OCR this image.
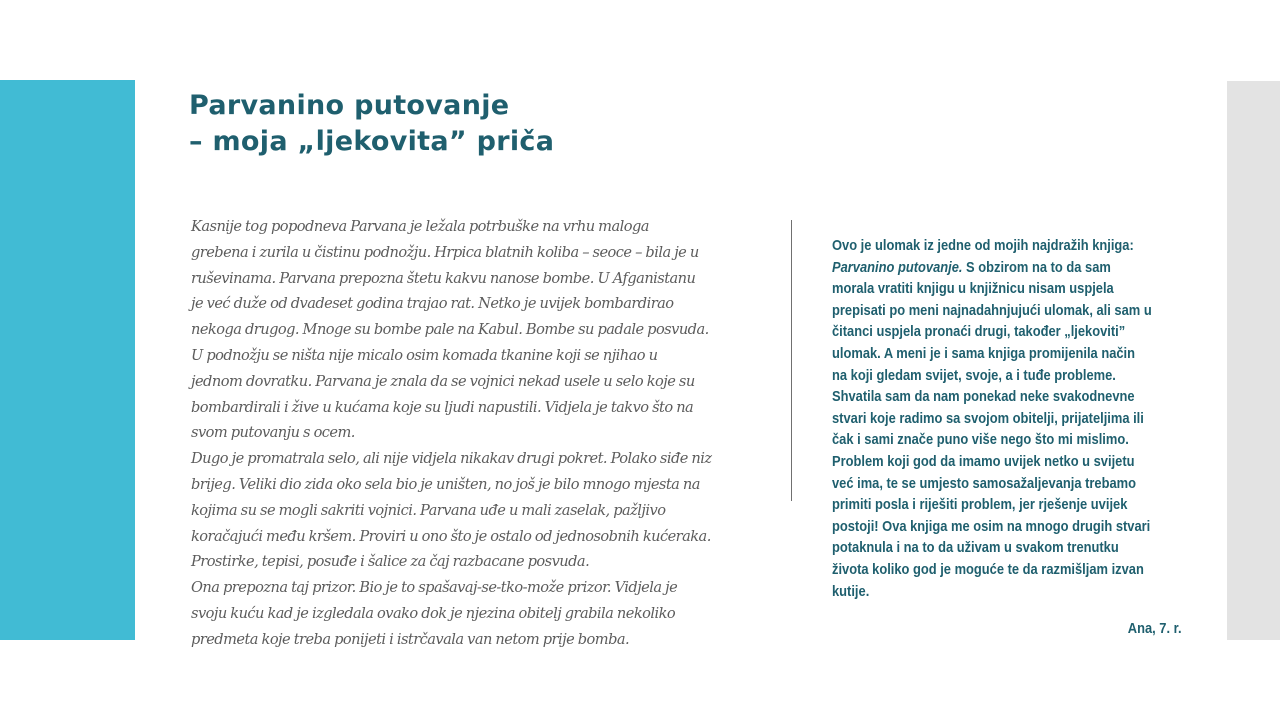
Parvanino putovanje
– moja „ljekovita” priča
Kasnije tog popodneva Parvana je ležala potrbuške na vrhu maloga
grebena i zurila u čistinu podnožju. Hrpica blatnih koliba – seoce – bila je u
ruševinama. Parvana prepozna štetu kakvu nanose bombe. U Afganistanu
je već duže od dvadeset godina trajao rat. Netko je uvijek bombardirao
nekoga drugog. Mnoge su bombe pale na Kabul. Bombe su padale posvuda.
U podnožju se ništa nije micalo osim komada tkanine koji se njihao u
jednom dovratku. Parvana je znala da se vojnici nekad usele u selo koje su
bombardirali i žive u kućama koje su ljudi napustili. Vidjela je takvo što na
svom putovanju s ocem.
Dugo je promatrala selo, ali nije vidjela nikakav drugi pokret. Polako siđe niz
brijeg. Veliki dio zida oko sela bio je uništen, no još je bilo mnogo mjesta na
kojima su se mogli sakriti vojnici. Parvana uđe u mali zaselak, pažljivo
koračajući među kršem. Proviri u ono što je ostalo od jednosobnih kućeraka.
Prostirke, tepisi, posuđe i šalice za čaj razbacane posvuda.
Ona prepozna taj prizor. Bio je to spašavaj-se-tko-može prizor. Vidjela je
svoju kuću kad je izgledala ovako dok je njezina obitelj grabila nekoliko
predmeta koje treba ponijeti i istrčavala van netom prije bomba.
Ovo je ulomak iz jedne od mojih najdražih knjiga:
Parvanino putovanje. S obzirom na to da sam
morala vratiti knjigu u knjižnicu nisam uspjela
prepisati po meni najnadahnjujući ulomak, ali sam u
čitanci uspjela pronaći drugi, također „ljekoviti”
ulomak. A meni je i sama knjiga promijenila način
na koji gledam svijet, svoje, a i tuđe probleme.
Shvatila sam da nam ponekad neke svakodnevne
stvari koje radimo sa svojom obitelji, prijateljima ili
čak i sami znače puno više nego što mi mislimo.
Problem koji god da imamo uvijek netko u svijetu
već ima, te se umjesto samosažaljevanja trebamo
primiti posla i riješiti problem, jer rješenje uvijek
postoji! Ova knjiga me osim na mnogo drugih stvari
potaknula i na to da uživam u svakom trenutku
života koliko god je moguće te da razmišljam izvan
kutije.
Ana, 7. r.
